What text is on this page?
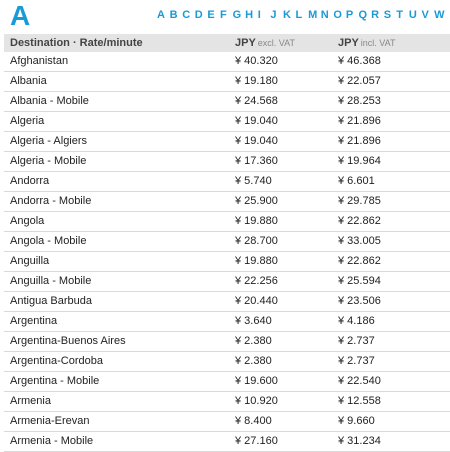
A	A B C D E F G H I J K L M N O P Q R S T U V W
Destination · Rate/minute	JPY excl. VAT	JPY incl. VAT
Afghanistan	¥ 40.320	¥ 46.368
Albania	¥ 19.180	¥ 22.057
Albania - Mobile	¥ 24.568	¥ 28.253
Algeria	¥ 19.040	¥ 21.896
Algeria - Algiers	¥ 19.040	¥ 21.896
Algeria - Mobile	¥ 17.360	¥ 19.964
Andorra	¥ 5.740	¥ 6.601
Andorra - Mobile	¥ 25.900	¥ 29.785
Angola	¥ 19.880	¥ 22.862
Angola - Mobile	¥ 28.700	¥ 33.005
Anguilla	¥ 19.880	¥ 22.862
Anguilla - Mobile	¥ 22.256	¥ 25.594
Antigua Barbuda	¥ 20.440	¥ 23.506
Argentina	¥ 3.640	¥ 4.186
Argentina-Buenos Aires	¥ 2.380	¥ 2.737
Argentina-Cordoba	¥ 2.380	¥ 2.737
Argentina - Mobile	¥ 19.600	¥ 22.540
Armenia	¥ 10.920	¥ 12.558
Armenia-Erevan	¥ 8.400	¥ 9.660
Armenia - Mobile	¥ 27.160	¥ 31.234
